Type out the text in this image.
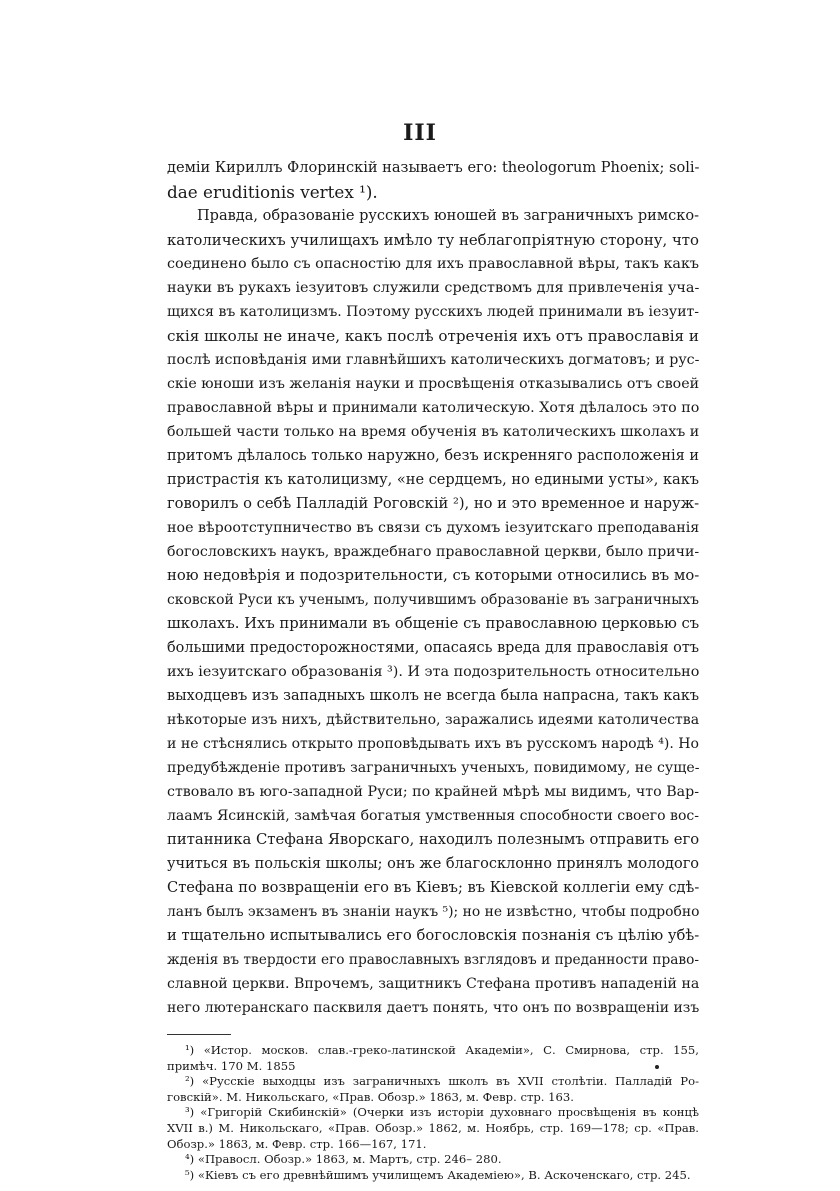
III
демiи Кириллъ Флоринскiй называетъ его: theologorum Phoenix; soli-
dae eruditionis vertex ¹).
Правда, образованiе русскихъ юношей въ заграничныхъ римско-
католическихъ училищахъ имѣло ту неблагопрiятную сторону, что
соединено было съ опасностiю для ихъ православной вѣры, такъ какъ
науки въ рукахъ iезуитовъ служили средствомъ для привлеченiя уча-
щихся въ католицизмъ. Поэтому русскихъ людей принимали въ iезуит-
скiя школы не иначе, какъ послѣ отреченiя ихъ отъ православiя и
послѣ исповѣданiя ими главнѣйшихъ католическихъ догматовъ; и рус-
скiе юноши изъ желанiя науки и просвѣщенiя отказывались отъ своей
православной вѣры и принимали католическую. Хотя дѣлалось это по
большей части только на время обученiя въ католическихъ школахъ и
притомъ дѣлалось только наружно, безъ искренняго расположенiя и
пристрастiя къ католицизму, «не сердцемъ, но едиными усты», какъ
говорилъ о себѣ Палладiй Роговскiй ²), но и это временное и наруж-
ное вѣроотступничество въ связи съ духомъ iезуитскаго преподаванiя
богословскихъ наукъ, враждебнаго православной церкви, было причи-
ною недовѣрiя и подозрительности, съ которыми относились въ мо-
сковской Руси къ ученымъ, получившимъ образованiе въ заграничныхъ
школахъ. Ихъ принимали въ общенiе съ православною церковью съ
большими предосторожностями, опасаясь вреда для православiя отъ
ихъ iезуитскаго образованiя ³). И эта подозрительность относительно
выходцевъ изъ западныхъ школъ не всегда была напрасна, такъ какъ
нѣкоторые изъ нихъ, дѣйствительно, заражались идеями католичества
и не стѣснялись открыто проповѣдывать ихъ въ русскомъ народѣ ⁴). Но
предубѣжденiе противъ заграничныхъ ученыхъ, повидимому, не суще-
ствовало въ юго-западной Руси; по крайней мѣрѣ мы видимъ, что Вар-
лаамъ Ясинскiй, замѣчая богатыя умственныя способности своего вос-
питанника Стефана Яворскаго, находилъ полезнымъ отправить его
учиться въ польскiя школы; онъ же благосклонно принялъ молодого
Стефана по возвращенiи его въ Кiевъ; въ Кiевской коллегiи ему сдѣ-
ланъ былъ экзаменъ въ знанiи наукъ ⁵); но не извѣстно, чтобы подробно
и тщательно испытывались его богословскiя познанiя съ цѣлiю убѣ-
жденiя въ твердости его православныхъ взглядовъ и преданности право-
славной церкви. Впрочемъ, защитникъ Стефана противъ нападенiй на
него лютеранскаго пасквиля даетъ понять, что онъ по возвращенiи изъ
¹) «Истор. москов. слав.-греко-латинской Академiи», С. Смирнова, стр. 155,
примѣч. 170 М. 1855
²) «Русскiе выходцы изъ заграничныхъ школъ въ XVII столѣтiи. Палладiй Ро-
говскiй». М. Никольскаго, «Прав. Обозр.» 1863, м. Февр. стр. 163.
³) «Григорiй Скибинскiй» (Очерки изъ исторiи духовнаго просвѣщенiя въ концѣ
XVII в.) М. Никольскаго, «Прав. Обозр.» 1862, м. Ноябрь, стр. 169—178; ср. «Прав.
Обозр.» 1863, м. Февр. стр. 166—167, 171.
⁴) «Правосл. Обозр.» 1863, м. Мартъ, стр. 246– 280.
⁵) «Кiевъ съ его древнѣйшимъ училищемъ Академiею», В. Аскоченскаго, стр. 245.
